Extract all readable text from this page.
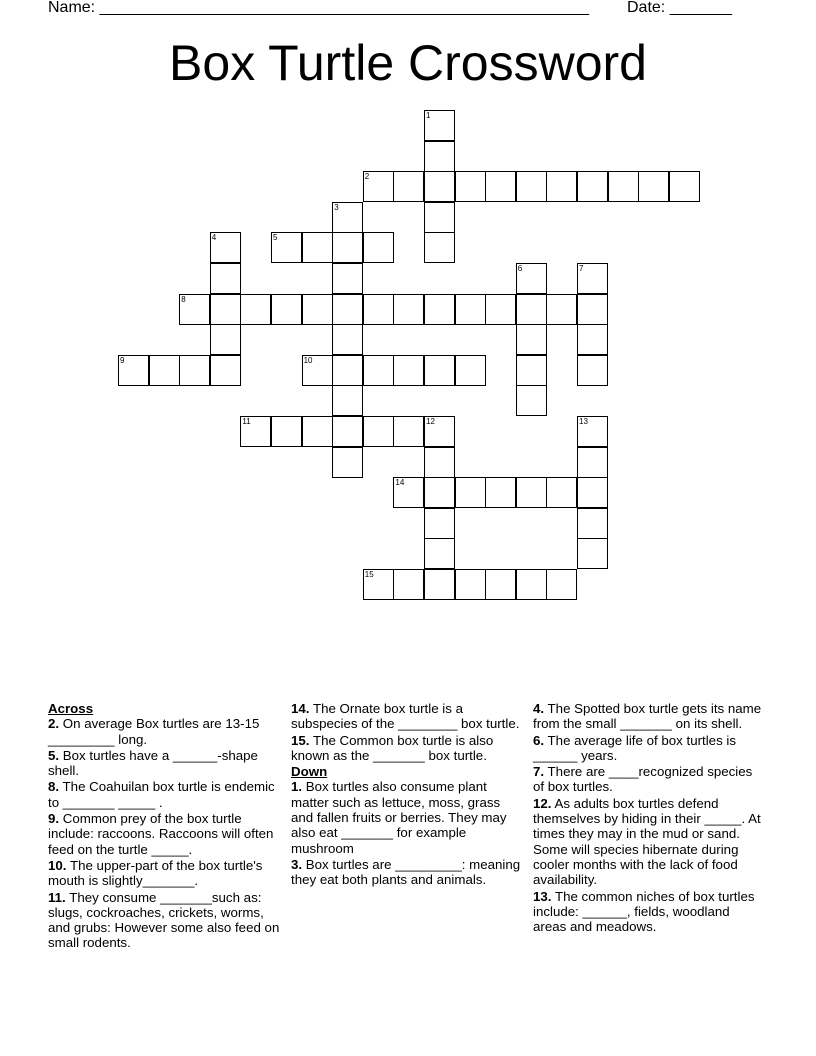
Name: _______________________________________________________ Date: _______
Box Turtle Crossword
1
2
3
4	5
6	7
8
9	10
11	12	13
14
15
Across
2. On average Box turtles are 13-15 _________ long.
5. Box turtles have a ______-shape shell.
8. The Coahuilan box turtle is endemic to _______ _____ .
9. Common prey of the box turtle include: raccoons. Raccoons will often feed on the turtle _____.
10. The upper-part of the box turtle's mouth is slightly_______.
11. They consume _______such as: slugs, cockroaches, crickets, worms, and grubs: However some also feed on small rodents.
14. The Ornate box turtle is a subspecies of the ________ box turtle.
15. The Common box turtle is also known as the _______ box turtle.
Down
1. Box turtles also consume plant matter such as lettuce, moss, grass and fallen fruits or berries. They may also eat _______ for example mushroom
3. Box turtles are _________: meaning they eat both plants and animals.
4. The Spotted box turtle gets its name from the small _______ on its shell.
6. The average life of box turtles is ______ years.
7. There are ____recognized species of box turtles.
12. As adults box turtles defend themselves by hiding in their _____. At times they may in the mud or sand. Some will species hibernate during cooler months with the lack of food availability.
13. The common niches of box turtles include: ______, fields, woodland areas and meadows.
